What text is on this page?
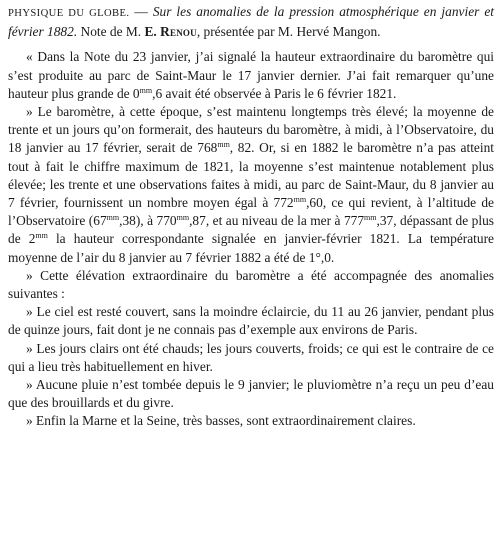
PHYSIQUE DU GLOBE. — Sur les anomalies de la pression atmosphérique en janvier et février 1882. Note de M. E. Renou, présentée par M. Hervé Mangon.

« Dans la Note du 23 janvier, j’ai signalé la hauteur extraordinaire du baromètre qui s’est produite au parc de Saint-Maur le 17 janvier dernier. J’ai fait remarquer qu’une hauteur plus grande de $0^{mm},6$ avait été observée à Paris le 6 février 1821.

» Le baromètre, à cette époque, s’est maintenu longtemps très élevé; la moyenne de trente et un jours qu’on formerait, des hauteurs du baromètre, à midi, à l’Observatoire, du 18 janvier au 17 février, serait de $768^{mm}$, 82. Or, si en 1882 le baromètre n’a pas atteint tout à fait le chiffre maximum de 1821, la moyenne s’est maintenue notablement plus élevée; les trente et une observations faites à midi, au parc de Saint-Maur, du 8 janvier au 7 février, fournissent un nombre moyen égal à $772^{mm},60$, ce qui revient, à l’altitude de l’Observatoire $(67^{mm},38)$, à $770^{mm},87$, et au niveau de la mer à $777^{mm},37$, dépassant de plus de $2^{mm}$ la hauteur correspondante signalée en janvier-février 1821. La température moyenne de l’air du 8 janvier au 7 février 1882 a été de 1°,0.

» Cette élévation extraordinaire du baromètre a été accompagnée des anomalies suivantes :

» Le ciel est resté couvert, sans la moindre éclaircie, du 11 au 26 janvier, pendant plus de quinze jours, fait dont je ne connais pas d’exemple aux environs de Paris.

» Les jours clairs ont été chauds; les jours couverts, froids; ce qui est le contraire de ce qui a lieu très habituellement en hiver.

» Aucune pluie n’est tombée depuis le 9 janvier; le pluviomètre n’a reçu un peu d’eau que des brouillards et du givre.

» Enfin la Marne et la Seine, très basses, sont extraordinairement claires.
